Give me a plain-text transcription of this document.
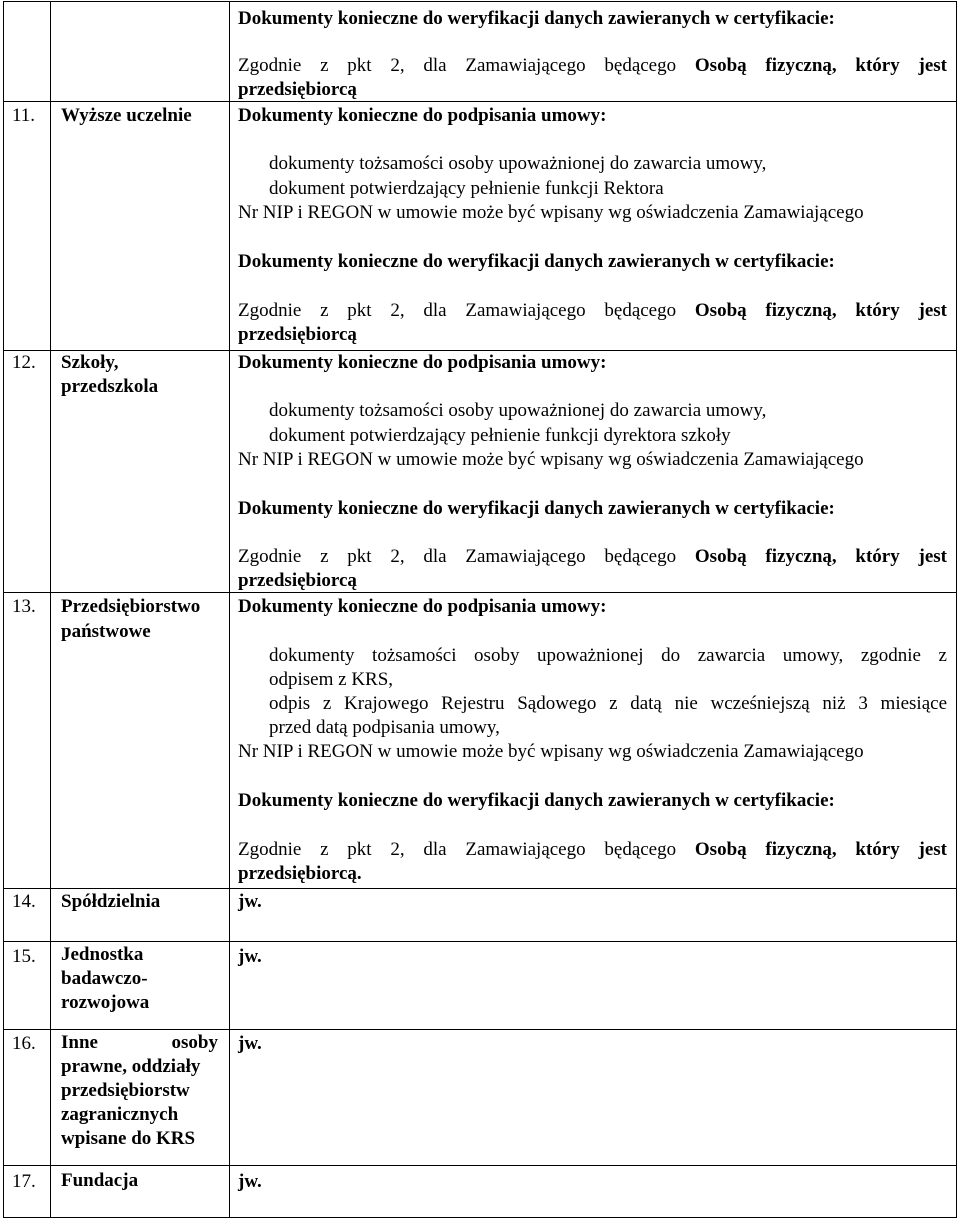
Dokumenty konieczne do weryfikacji danych zawieranych w certyfikacie:
Zgodnie z pkt 2, dla Zamawiającego będącego Osobą fizyczną, który jest
przedsiębiorcą
11. Wyższe uczelnie Dokumenty konieczne do podpisania umowy:
dokumenty tożsamości osoby upoważnionej do zawarcia umowy,
dokument potwierdzający pełnienie funkcji Rektora
Nr NIP i REGON w umowie może być wpisany wg oświadczenia Zamawiającego
Dokumenty konieczne do weryfikacji danych zawieranych w certyfikacie:
Zgodnie z pkt 2, dla Zamawiającego będącego Osobą fizyczną, który jest
przedsiębiorcą
12. Szkoły,
przedszkola
Dokumenty konieczne do podpisania umowy:
dokumenty tożsamości osoby upoważnionej do zawarcia umowy,
dokument potwierdzający pełnienie funkcji dyrektora szkoły
Nr NIP i REGON w umowie może być wpisany wg oświadczenia Zamawiającego
Dokumenty konieczne do weryfikacji danych zawieranych w certyfikacie:
Zgodnie z pkt 2, dla Zamawiającego będącego Osobą fizyczną, który jest
przedsiębiorcą
13. Przedsiębiorstwo
państwowe
Dokumenty konieczne do podpisania umowy:
dokumenty tożsamości osoby upoważnionej do zawarcia umowy, zgodnie z
odpisem z KRS,
odpis z Krajowego Rejestru Sądowego z datą nie wcześniejszą niż 3 miesiące
przed datą podpisania umowy,
Nr NIP i REGON w umowie może być wpisany wg oświadczenia Zamawiającego
Dokumenty konieczne do weryfikacji danych zawieranych w certyfikacie:
Zgodnie z pkt 2, dla Zamawiającego będącego Osobą fizyczną, który jest
przedsiębiorcą.
14. Spółdzielnia	jw.
15. Jednostka
badawczo-
rozwojowa
jw.
16. Inne osoby
prawne, oddziały
przedsiębiorstw
zagranicznych
wpisane do KRS
jw.
17. Fundacja	jw.
